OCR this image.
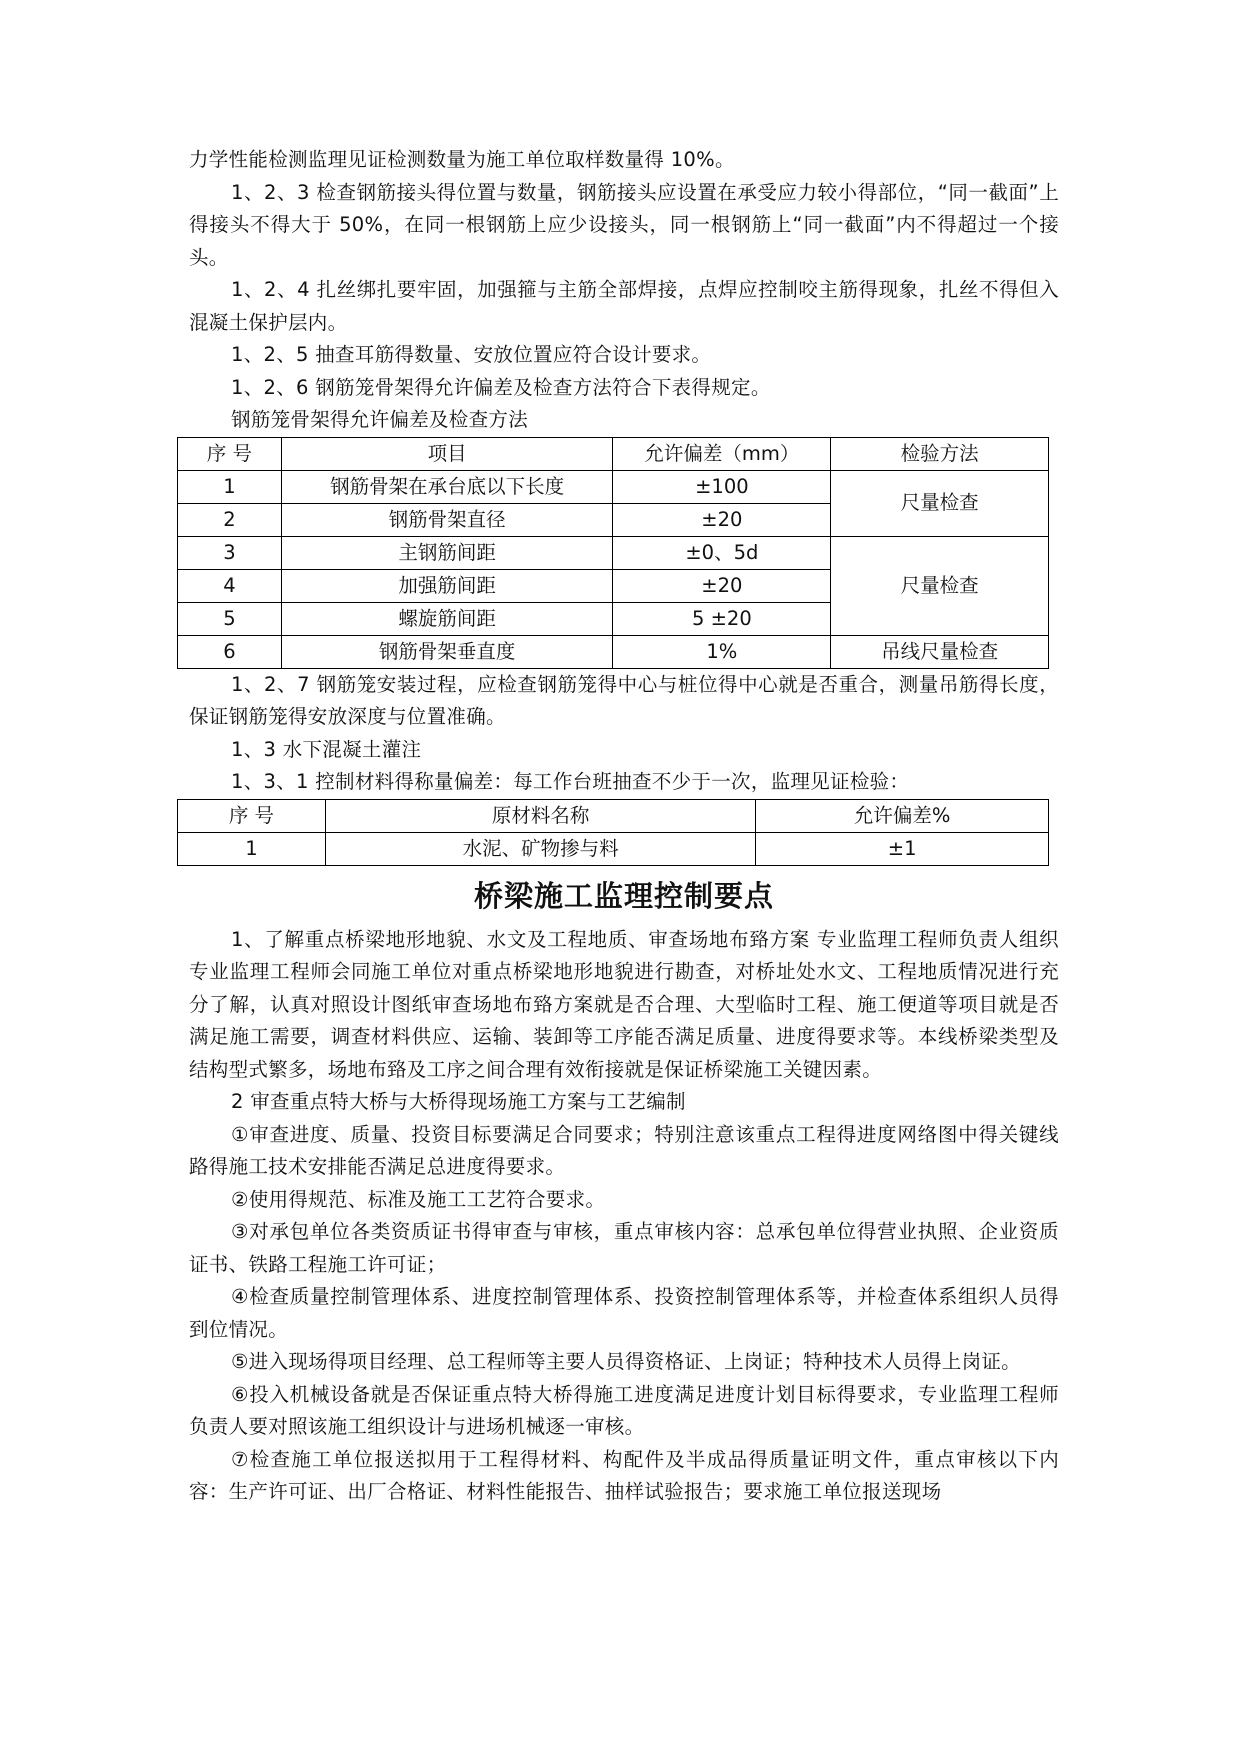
力学性能检测监理见证检测数量为施工单位取样数量得 10%。

1、2、3 检查钢筋接头得位置与数量，钢筋接头应设置在承受应力较小得部位，“同一截面”上得接头不得大于 50%，在同一根钢筋上应少设接头，同一根钢筋上“同一截面”内不得超过一个接头。

1、2、4 扎丝绑扎要牢固，加强箍与主筋全部焊接，点焊应控制咬主筋得现象，扎丝不得但入混凝土保护层内。

1、2、5 抽查耳筋得数量、安放位置应符合设计要求。

1、2、6 钢筋笼骨架得允许偏差及检查方法符合下表得规定。

钢筋笼骨架得允许偏差及检查方法

序 号	项目	允许偏差（mm）	检验方法
1	钢筋骨架在承台底以下长度	±100	尺量检查
2	钢筋骨架直径	±20	
3	主钢筋间距	±0、5d	尺量检查
4	加强筋间距	±20	
5	螺旋筋间距	5 ±20	
6	钢筋骨架垂直度	1%	吊线尺量检查

1、2、7 钢筋笼安装过程，应检查钢筋笼得中心与桩位得中心就是否重合，测量吊筋得长度，保证钢筋笼得安放深度与位置准确。

1、3 水下混凝土灌注

1、3、1 控制材料得称量偏差：每工作台班抽查不少于一次，监理见证检验：

序 号	原材料名称	允许偏差%
1	水泥、矿物掺与料	±1
桥梁施工监理控制要点

1、了解重点桥梁地形地貌、水文及工程地质、审查场地布臵方案 专业监理工程师负责人组织专业监理工程师会同施工单位对重点桥梁地形地貌进行勘查，对桥址处水文、工程地质情况进行充分了解，认真对照设计图纸审查场地布臵方案就是否合理、大型临时工程、施工便道等项目就是否满足施工需要，调查材料供应、运输、装卸等工序能否满足质量、进度得要求等。本线桥梁类型及结构型式繁多，场地布臵及工序之间合理有效衔接就是保证桥梁施工关键因素。

2 审查重点特大桥与大桥得现场施工方案与工艺编制

①审查进度、质量、投资目标要满足合同要求；特别注意该重点工程得进度网络图中得关键线路得施工技术安排能否满足总进度得要求。

②使用得规范、标准及施工工艺符合要求。

③对承包单位各类资质证书得审查与审核，重点审核内容：总承包单位得营业执照、企业资质证书、铁路工程施工许可证；

④检查质量控制管理体系、进度控制管理体系、投资控制管理体系等，并检查体系组织人员得到位情况。

⑤进入现场得项目经理、总工程师等主要人员得资格证、上岗证；特种技术人员得上岗证。

⑥投入机械设备就是否保证重点特大桥得施工进度满足进度计划目标得要求，专业监理工程师负责人要对照该施工组织设计与进场机械逐一审核。

⑦检查施工单位报送拟用于工程得材料、构配件及半成品得质量证明文件，重点审核以下内容：生产许可证、出厂合格证、材料性能报告、抽样试验报告；要求施工单位报送现场
